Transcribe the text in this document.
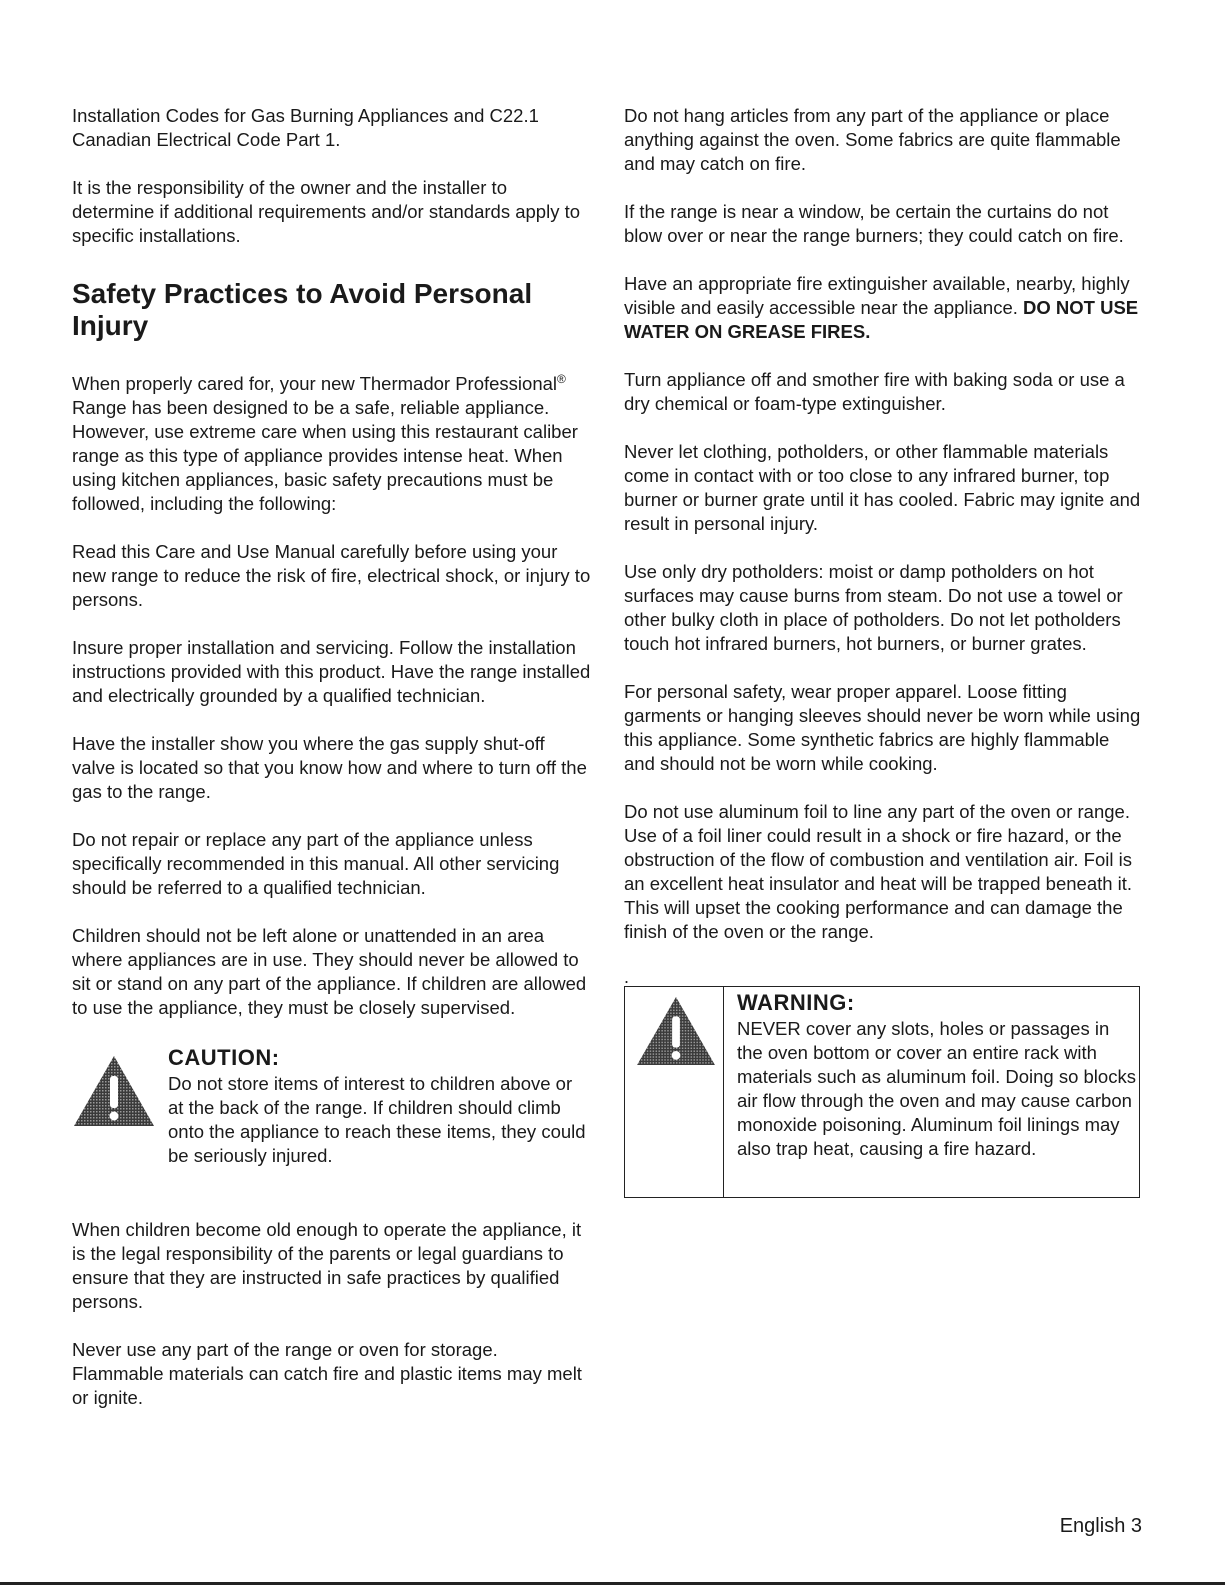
Installation Codes for Gas Burning Appliances and C22.1 Canadian Electrical Code Part 1.

It is the responsibility of the owner and the installer to determine if additional requirements and/or standards apply to specific installations.

Safety Practices to Avoid Personal Injury

When properly cared for, your new Thermador Professional® Range has been designed to be a safe, reliable appliance. However, use extreme care when using this restaurant caliber range as this type of appliance provides intense heat. When using kitchen appliances, basic safety precautions must be followed, including the following:

Read this Care and Use Manual carefully before using your new range to reduce the risk of fire, electrical shock, or injury to persons.

Insure proper installation and servicing. Follow the installation instructions provided with this product. Have the range installed and electrically grounded by a qualified technician.

Have the installer show you where the gas supply shut-off valve is located so that you know how and where to turn off the gas to the range.

Do not repair or replace any part of the appliance unless specifically recommended in this manual. All other servicing should be referred to a qualified technician.

Children should not be left alone or unattended in an area where appliances are in use. They should never be allowed to sit or stand on any part of the appliance. If children are allowed to use the appliance, they must be closely supervised.

CAUTION:

Do not store items of interest to children above or at the back of the range. If children should climb onto the appliance to reach these items, they could be seriously injured.

When children become old enough to operate the appliance, it is the legal responsibility of the parents or legal guardians to ensure that they are instructed in safe practices by qualified persons.

Never use any part of the range or oven for storage. Flammable materials can catch fire and plastic items may melt or ignite.

Do not hang articles from any part of the appliance or place anything against the oven. Some fabrics are quite flammable and may catch on fire.

If the range is near a window, be certain the curtains do not blow over or near the range burners; they could catch on fire.

Have an appropriate fire extinguisher available, nearby, highly visible and easily accessible near the appliance. DO NOT USE WATER ON GREASE FIRES.

Turn appliance off and smother fire with baking soda or use a dry chemical or foam-type extinguisher.

Never let clothing, potholders, or other flammable materials come in contact with or too close to any infrared burner, top burner or burner grate until it has cooled. Fabric may ignite and result in personal injury.

Use only dry potholders: moist or damp potholders on hot surfaces may cause burns from steam. Do not use a towel or other bulky cloth in place of potholders. Do not let potholders touch hot infrared burners, hot burners, or burner grates.

For personal safety, wear proper apparel. Loose fitting garments or hanging sleeves should never be worn while using this appliance. Some synthetic fabrics are highly flammable and should not be worn while cooking.

Do not use aluminum foil to line any part of the oven or range. Use of a foil liner could result in a shock or fire hazard, or the obstruction of the flow of combustion and ventilation air. Foil is an excellent heat insulator and heat will be trapped beneath it. This will upset the cooking performance and can damage the finish of the oven or the range.

.
WARNING:

NEVER cover any slots, holes or passages in the oven bottom or cover an entire rack with materials such as aluminum foil. Doing so blocks air flow through the oven and may cause carbon monoxide poisoning. Aluminum foil linings may also trap heat, causing a fire hazard.

English 3
